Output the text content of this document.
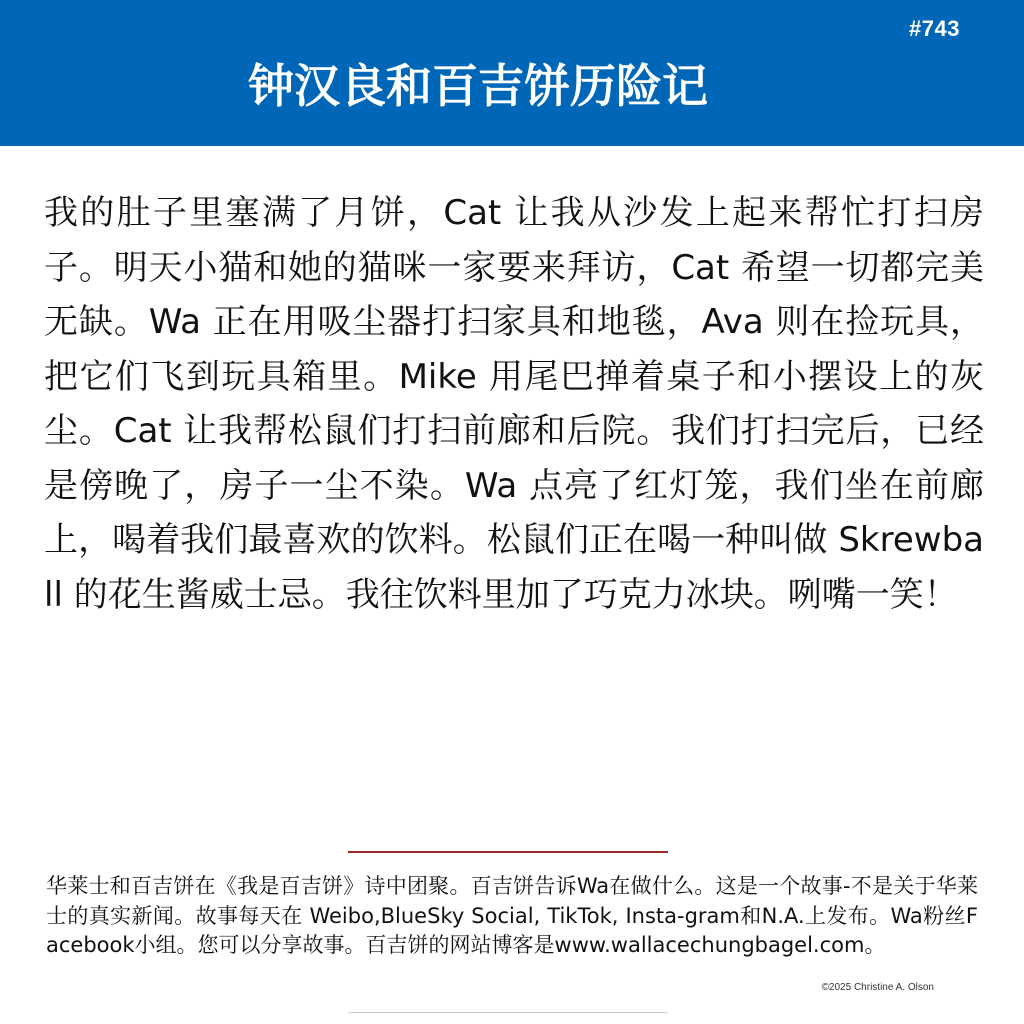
#743
钟汉良和百吉饼历险记

我的肚子里塞满了月饼，Cat 让我从沙发上起来帮忙打扫房子。明天小猫和她的猫咪一家要来拜访，Cat 希望一切都完美无缺。Wa 正在用吸尘器打扫家具和地毯，Ava 则在捡玩具，把它们飞到玩具箱里。Mike 用尾巴掸着桌子和小摆设上的灰尘。Cat 让我帮松鼠们打扫前廊和后院。我们打扫完后，已经是傍晚了，房子一尘不染。Wa 点亮了红灯笼，我们坐在前廊上，喝着我们最喜欢的饮料。松鼠们正在喝一种叫做 Skrewball 的花生酱威士忌。我往饮料里加了巧克力冰块。咧嘴一笑！

华莱士和百吉饼在《我是百吉饼》诗中团聚。百吉饼告诉Wa在做什么。这是一个故事-不是关于华莱士的真实新闻。故事每天在 Weibo,BlueSky Social, TikTok, Insta-gram和N.A.上发布。Wa粉丝Facebook小组。您可以分享故事。百吉饼的网站博客是www.wallacechungbagel.com。

©2025 Christine A. Olson
